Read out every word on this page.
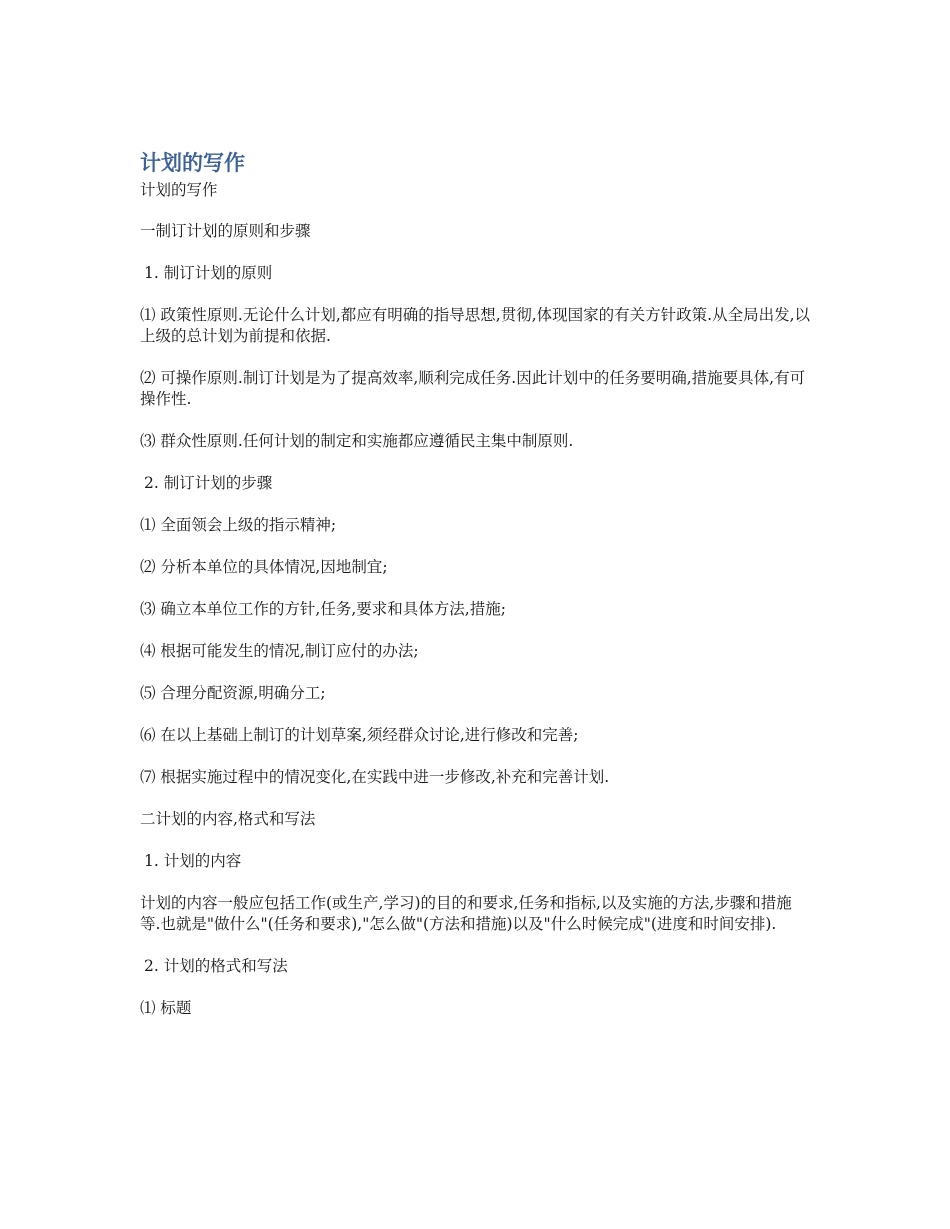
计划的写作

计划的写作

一制订计划的原则和步骤

1. 制订计划的原则

⑴ 政策性原则.无论什么计划,都应有明确的指导思想,贯彻,体现国家的有关方针政策.从全局出发,以上级的总计划为前提和依据.

⑵ 可操作原则.制订计划是为了提高效率,顺利完成任务.因此计划中的任务要明确,措施要具体,有可操作性.

⑶ 群众性原则.任何计划的制定和实施都应遵循民主集中制原则.

2. 制订计划的步骤

⑴ 全面领会上级的指示精神;

⑵ 分析本单位的具体情况,因地制宜;

⑶ 确立本单位工作的方针,任务,要求和具体方法,措施;

⑷ 根据可能发生的情况,制订应付的办法;

⑸ 合理分配资源,明确分工;

⑹ 在以上基础上制订的计划草案,须经群众讨论,进行修改和完善;

⑺ 根据实施过程中的情况变化,在实践中进一步修改,补充和完善计划.

二计划的内容,格式和写法

1. 计划的内容

计划的内容一般应包括工作(或生产,学习)的目的和要求,任务和指标,以及实施的方法,步骤和措施等.也就是"做什么"(任务和要求),"怎么做"(方法和措施)以及"什么时候完成"(进度和时间安排).

2. 计划的格式和写法

⑴ 标题
